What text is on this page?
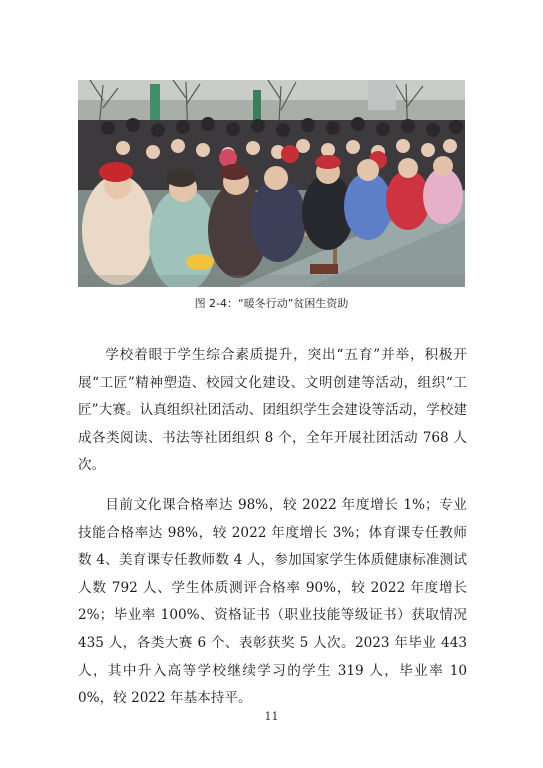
图 2-4：“暖冬行动”贫困生资助

学校着眼于学生综合素质提升，突出“五育”并举，积极开展“工匠”精神塑造、校园文化建设、文明创建等活动，组织“工匠”大赛。认真组织社团活动、团组织学生会建设等活动，学校建成各类阅读、书法等社团组织 8 个，全年开展社团活动 768 人次。

目前文化课合格率达 98%，较 2022 年度增长 1%；专业技能合格率达 98%，较 2022 年度增长 3%；体育课专任教师数 4、美育课专任教师数 4 人，参加国家学生体质健康标准测试人数 792 人、学生体质测评合格率 90%，较 2022 年度增长 2%；毕业率 100%、资格证书（职业技能等级证书）获取情况 435 人，各类大赛 6 个、表彰获奖 5 人次。2023 年毕业 443 人，其中升入高等学校继续学习的学生 319 人，毕业率 100%，较 2022 年基本持平。

11
